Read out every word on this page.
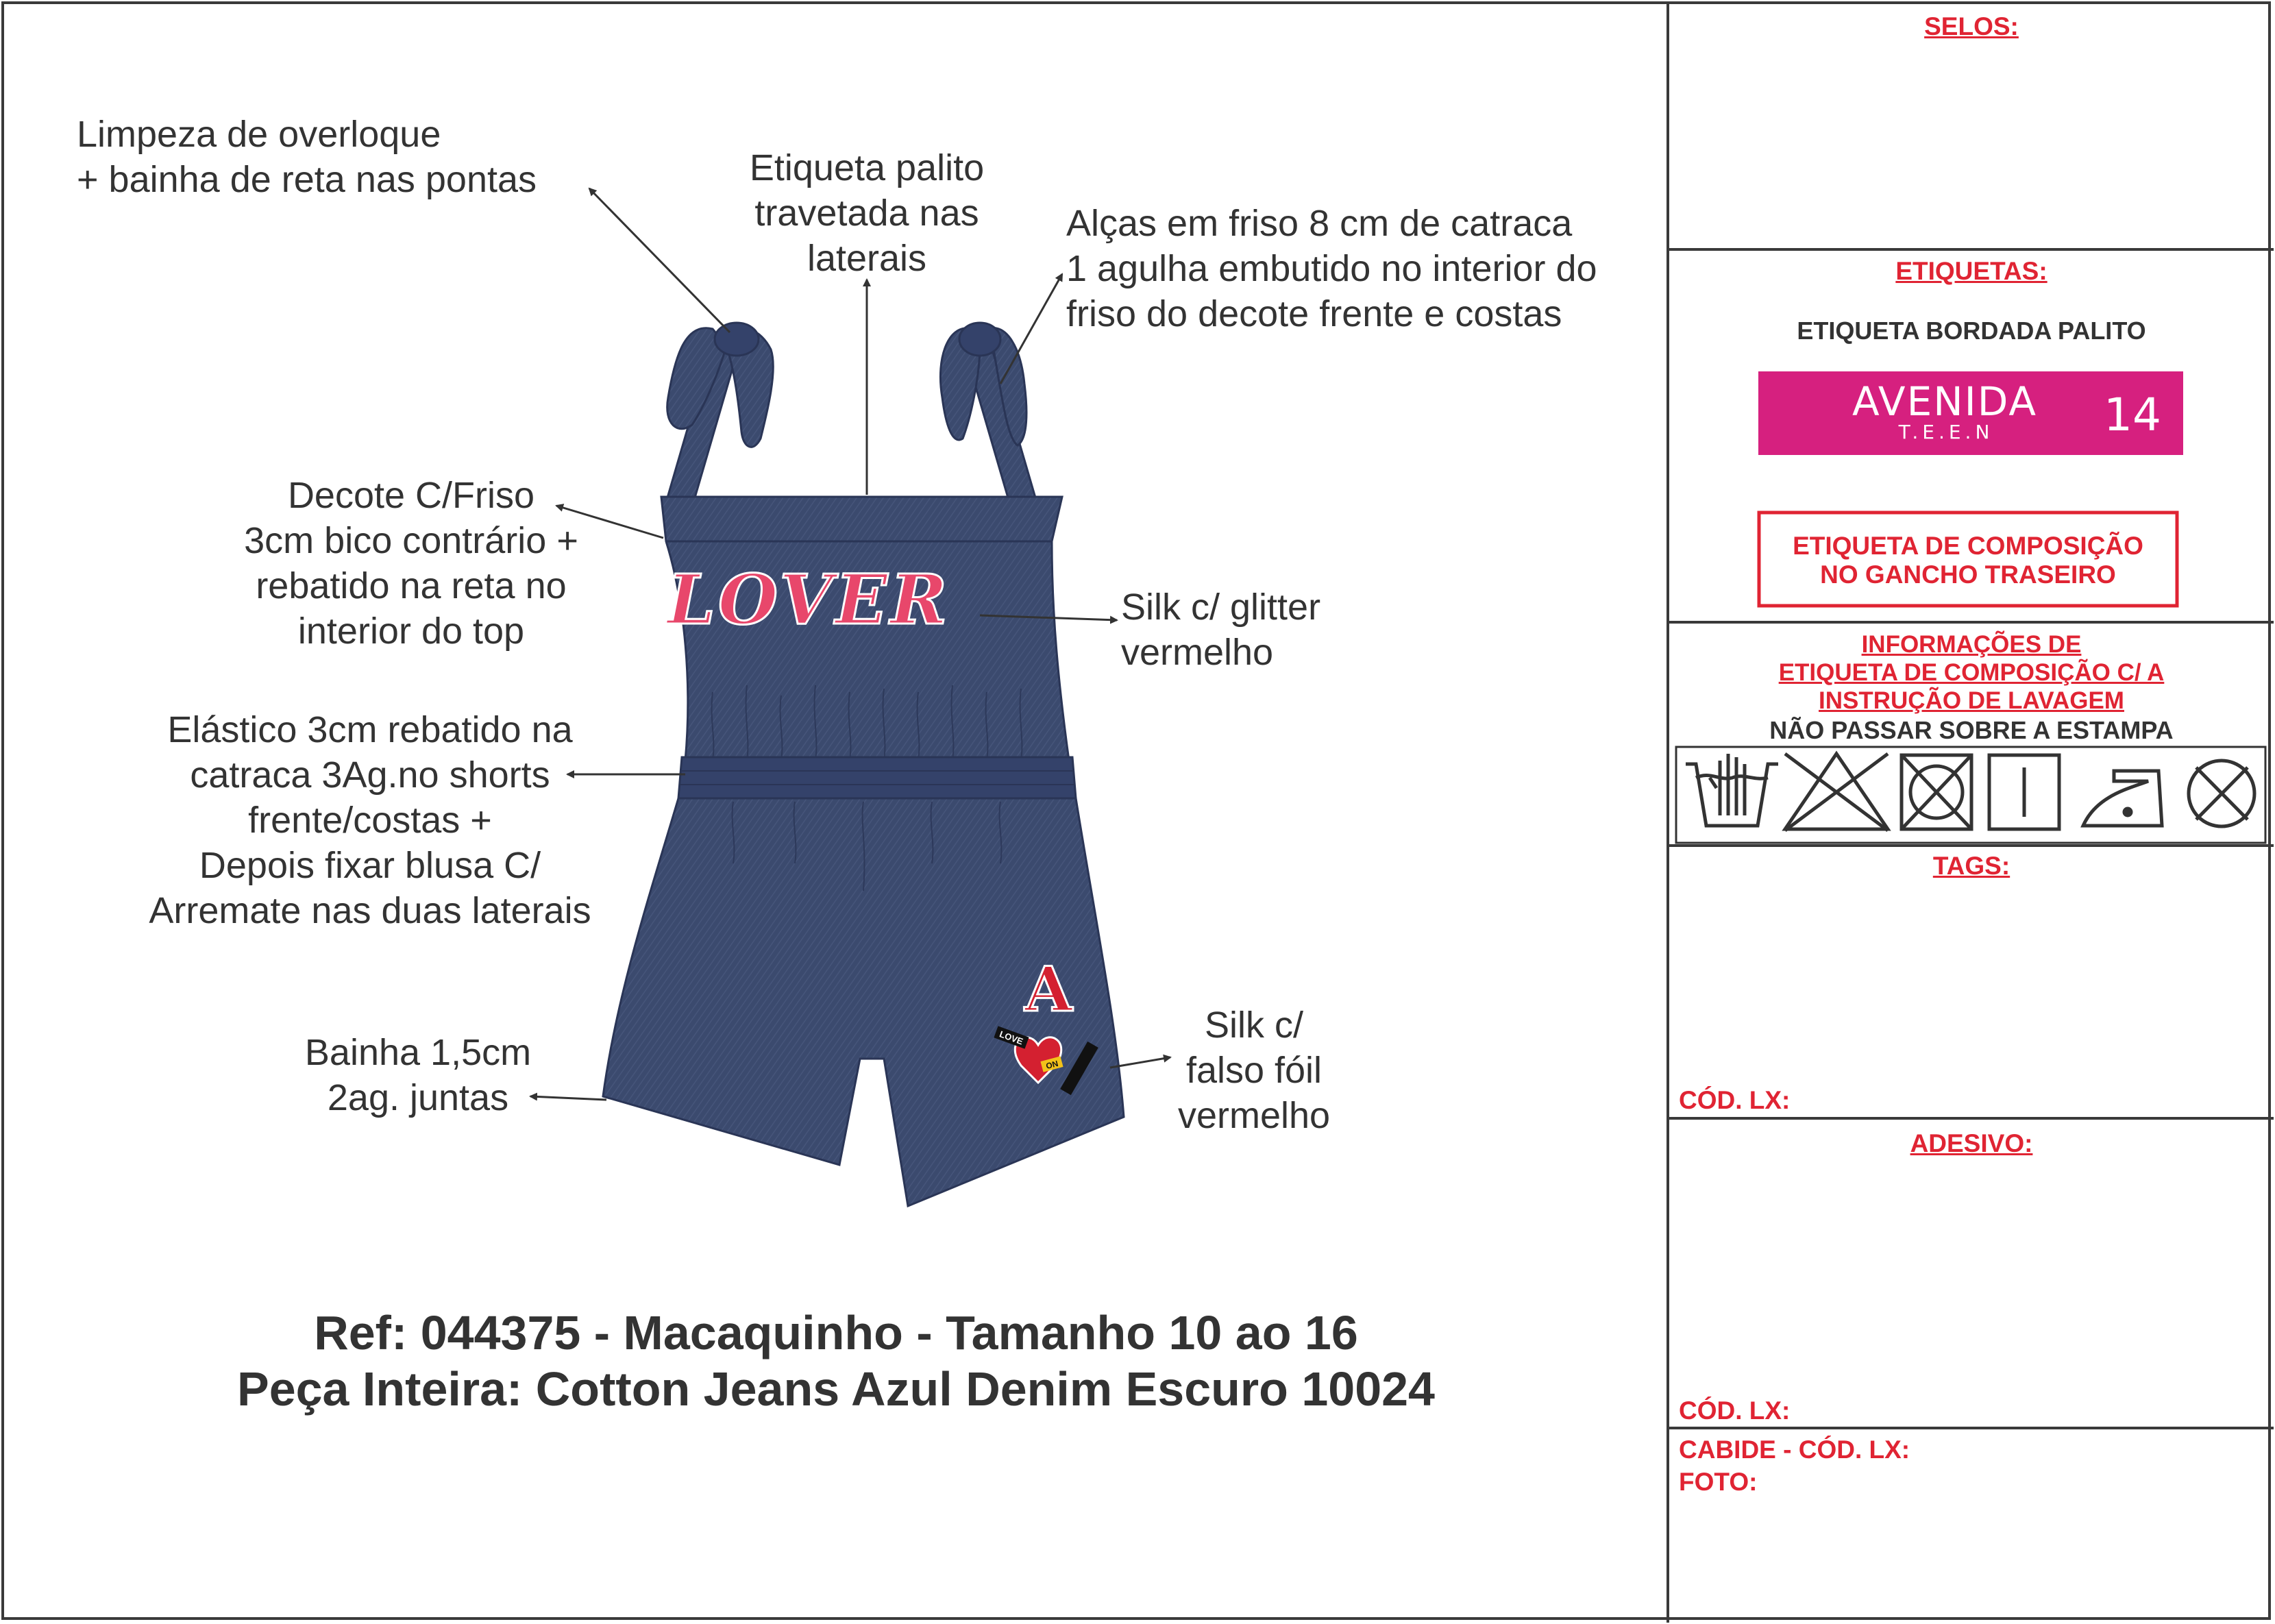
LOVER
A
LOVE
ON
AVENIDA
T.E.E.N 14
Limpeza de overloque
+ bainha de reta nas pontas	Etiqueta palito
travetada nas
laterais
Alças em friso 8 cm de catraca
1 agulha embutido no interior do
friso do decote frente e costas
Decote C/Friso
3cm bico contrário +
rebatido na reta no
interior do top
Silk c/ glitter
vermelho
Elástico 3cm rebatido na
catraca 3Ag.no shorts
frente/costas +
Depois fixar blusa C/
Arremate nas duas laterais
Bainha 1,5cm
2ag. juntas
Silk c/
falso fóil
vermelho
Ref: 044375 - Macaquinho - Tamanho 10 ao 16
Peça Inteira: Cotton Jeans Azul Denim Escuro 10024
SELOS:
ETIQUETAS:
ETIQUETA BORDADA PALITO
ETIQUETA DE COMPOSIÇÃO
NO GANCHO TRASEIRO
INFORMAÇÕES DE
ETIQUETA DE COMPOSIÇÃO C/ A
INSTRUÇÃO DE LAVAGEM
NÃO PASSAR SOBRE A ESTAMPA
TAGS:
CÓD. LX:
ADESIVO:
CÓD. LX:
CABIDE - CÓD. LX:
FOTO:
